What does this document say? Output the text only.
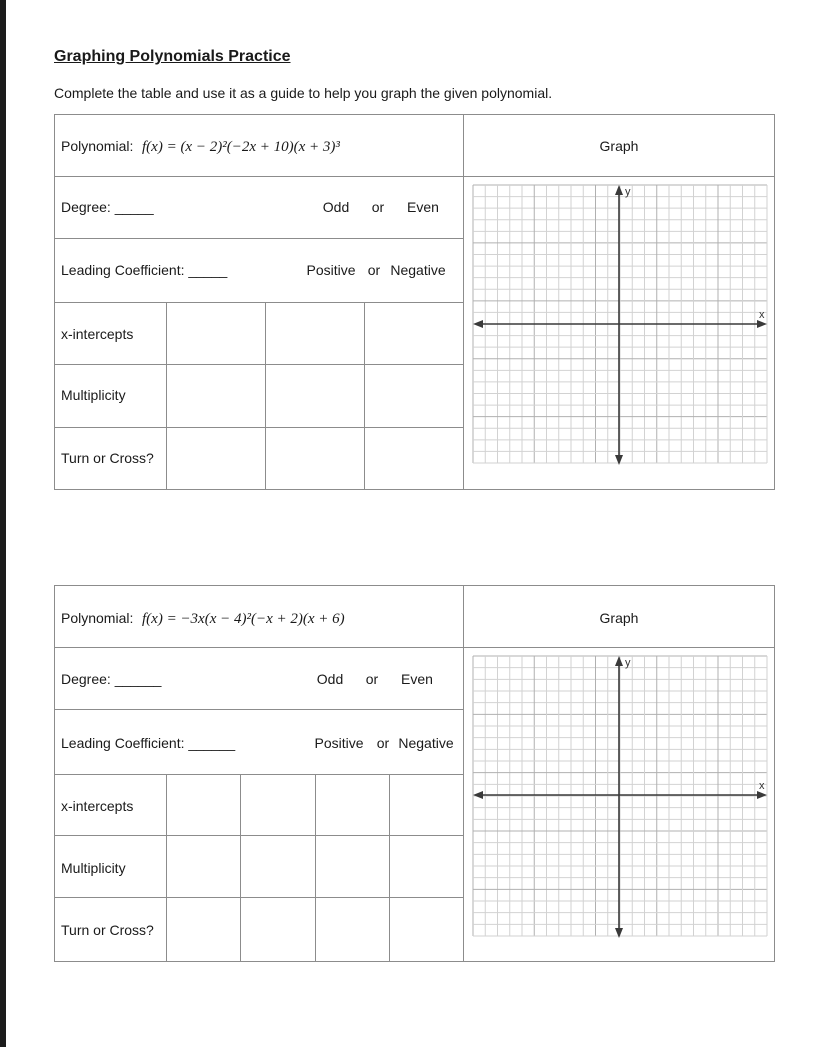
Graphing Polynomials Practice
Complete the table and use it as a guide to help you graph the given polynomial.
Polynomial: f(x) = (x − 2)²(−2x + 10)(x + 3)³	Graph
Degree: _____	Odd or Even
Leading Coefficient: _____	Positive or Negative
x-intercepts
Multiplicity
Turn or Cross?
x
y
Polynomial: f(x) = −3x(x − 4)²(−x + 2)(x + 6)	Graph
Degree: ______	Odd or Even
Leading Coefficient: ______	Positive or Negative
x-intercepts
Multiplicity
Turn or Cross?
x
y
